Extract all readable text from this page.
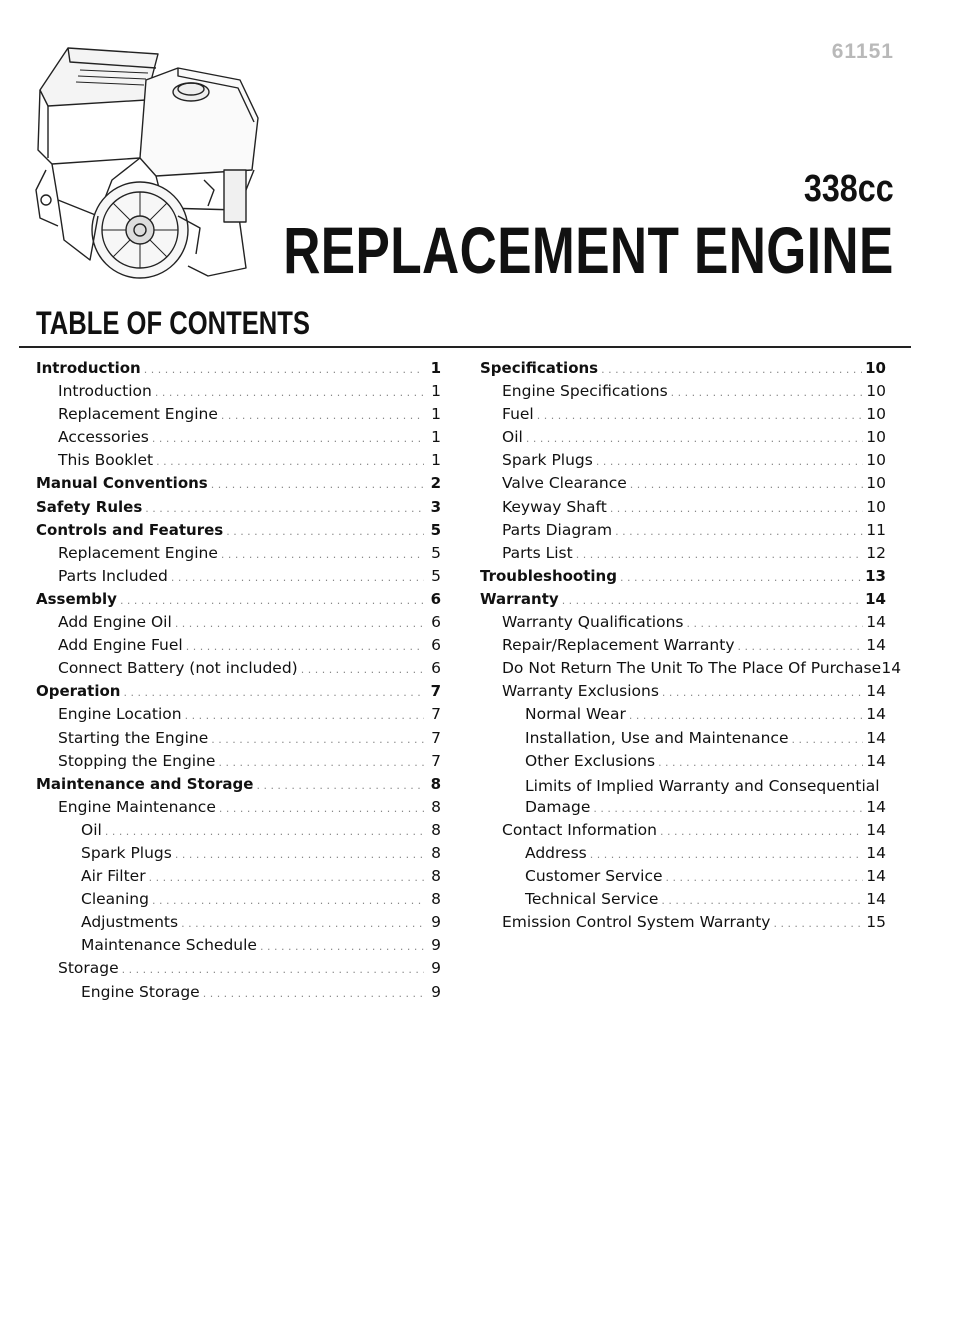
61151
338cc
REPLACEMENT ENGINE
TABLE OF CONTENTS
Introduction . . .	1
Introduction . . .	1
Replacement Engine . . .	1
Accessories . . .	1
This Booklet . . .	1
Manual Conventions . . .	2
Safety Rules . . .	3
Controls and Features . . .	5
Replacement Engine . . .	5
Parts Included . . .	5
Assembly . . .	6
Add Engine Oil . . .	6
Add Engine Fuel . . .	6
Connect Battery (not included) . . .	6
Operation . . .	7
Engine Location . . .	7
Starting the Engine . . .	7
Stopping the Engine . . .	7
Maintenance and Storage . . .	8
Engine Maintenance . . .	8
Oil . . .	8
Spark Plugs . . .	8
Air Filter . . .	8
Cleaning . . .	8
Adjustments . . .	9
Maintenance Schedule . . .	9
Storage . . .	9
Engine Storage . . .	9
Specifications . . .	10
Engine Specifications . . .	10
Fuel . . .	10
Oil . . .	10
Spark Plugs . . .	10
Valve Clearance . . .	10
Keyway Shaft . . .	10
Parts Diagram . . .	11
Parts List . . .	12
Troubleshooting . . .	13
Warranty . . .	14
Warranty Qualifications . . .	14
Repair/Replacement Warranty . . .	14
Do Not Return The Unit To The Place Of Purchase 14
Warranty Exclusions . . .	14
Normal Wear . . .	14
Installation, Use and Maintenance . . .	14
Other Exclusions . . .	14
Limits of Implied Warranty and Consequential
Damage . . .	14
Contact Information . . .	14
Address . . .	14
Customer Service . . .	14
Technical Service . . .	14
Emission Control System Warranty . . .	15
